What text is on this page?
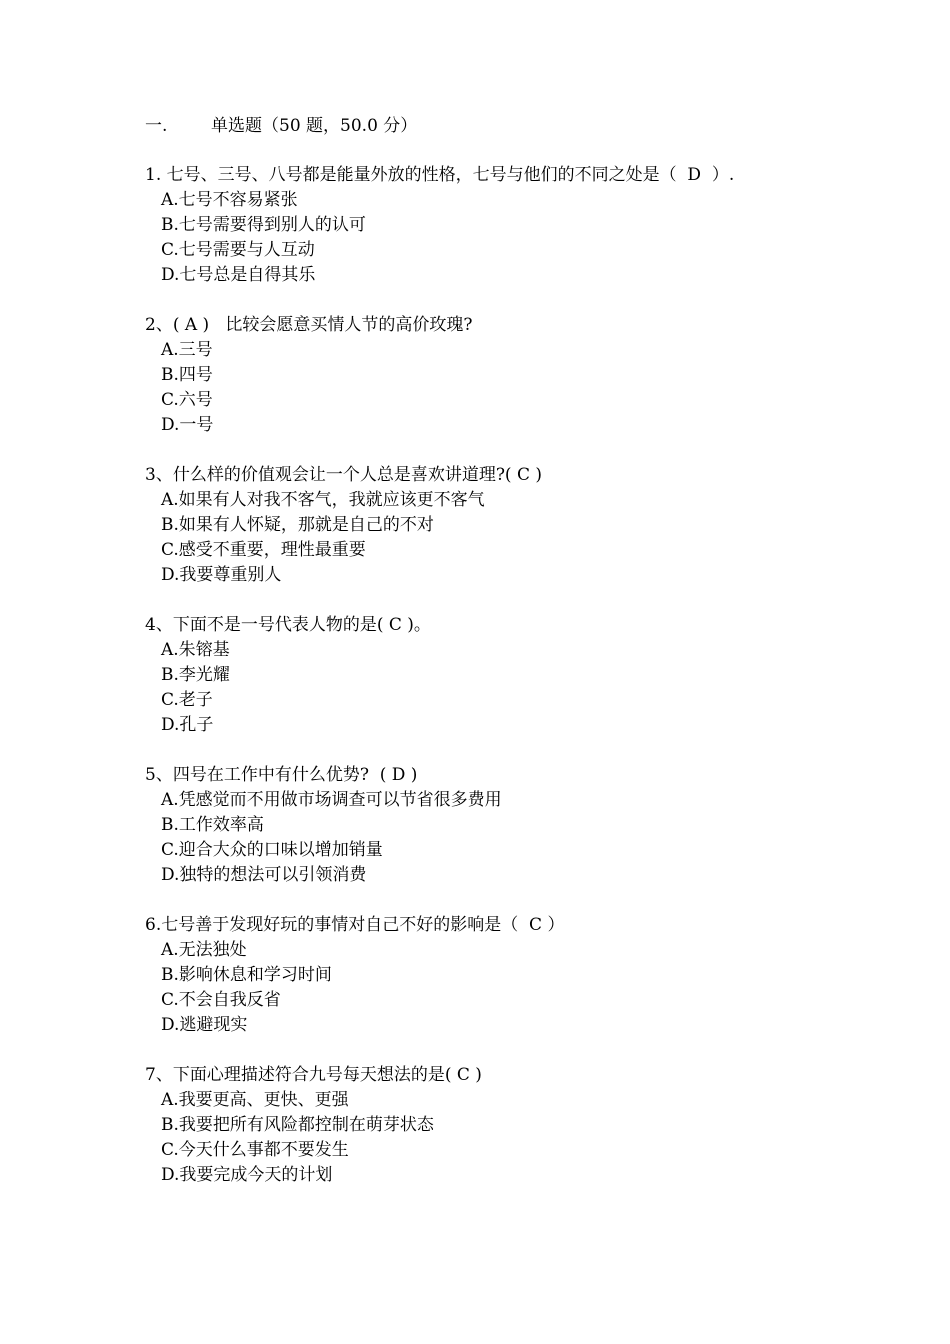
一.	单选题（50 题，50.0 分）
1. 七号、三号、八号都是能量外放的性格，七号与他们的不同之处是（  D  ）.
A.七号不容易紧张
B.七号需要得到别人的认可
C.七号需要与人互动
D.七号总是自得其乐
2、( A )   比较会愿意买情人节的高价玫瑰?
A.三号
B.四号
C.六号
D.一号
3、什么样的价值观会让一个人总是喜欢讲道理?( C )
A.如果有人对我不客气，我就应该更不客气
B.如果有人怀疑，那就是自己的不对
C.感受不重要，理性最重要
D.我要尊重别人
4、下面不是一号代表人物的是( C )。
A.朱镕基
B.李光耀
C.老子
D.孔子
5、四号在工作中有什么优势?  ( D )
A.凭感觉而不用做市场调查可以节省很多费用
B.工作效率高
C.迎合大众的口味以增加销量
D.独特的想法可以引领消费
6.七号善于发现好玩的事情对自己不好的影响是（  C ）
A.无法独处
B.影响休息和学习时间
C.不会自我反省
D.逃避现实
7、下面心理描述符合九号每天想法的是( C )
A.我要更高、更快、更强
B.我要把所有风险都控制在萌芽状态
C.今天什么事都不要发生
D.我要完成今天的计划
